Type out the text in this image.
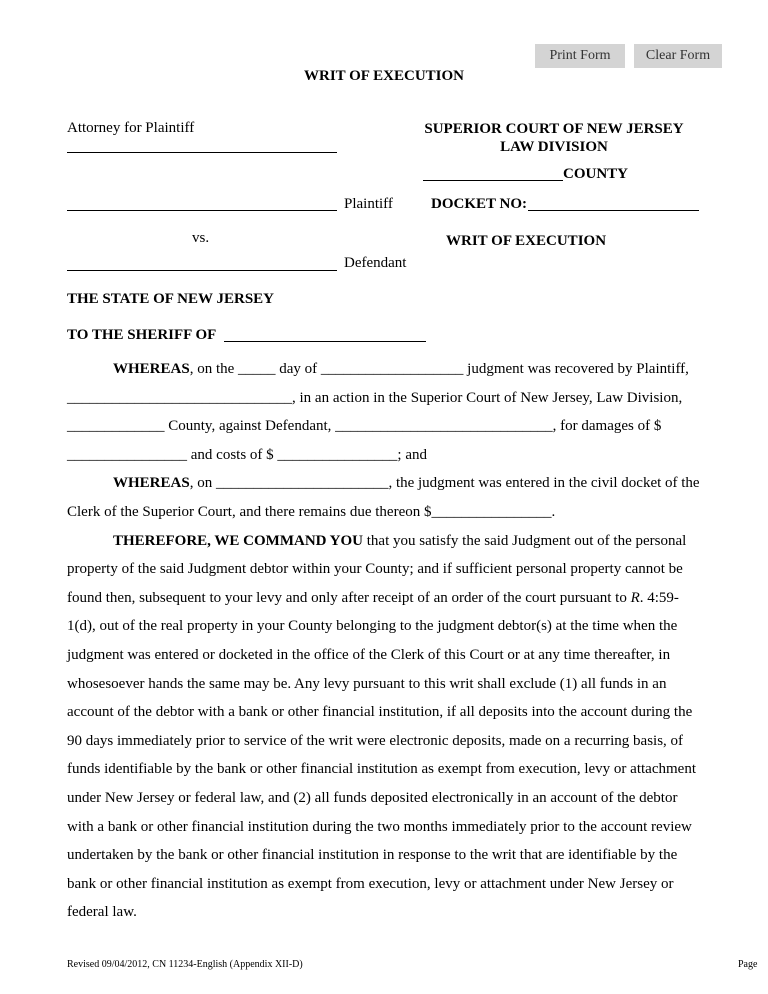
Print Form	Clear Form
WRIT OF EXECUTION
Attorney for Plaintiff
Plaintiff
vs.
Defendant
SUPERIOR COURT OF NEW JERSEY
LAW DIVISION
COUNTY
DOCKET NO:
WRIT OF EXECUTION
THE STATE OF NEW JERSEY
TO THE SHERIFF OF

WHEREAS, on the _____ day of ___________________ judgment was recovered by Plaintiff, ______________________________, in an action in the Superior Court of New Jersey, Law Division, _____________ County, against Defendant, _____________________________, for damages of $ ________________ and costs of $ ________________; and

WHEREAS, on _______________________, the judgment was entered in the civil docket of the Clerk of the Superior Court, and there remains due thereon $________________.

THEREFORE, WE COMMAND YOU that you satisfy the said Judgment out of the personal property of the said Judgment debtor within your County; and if sufficient personal property cannot be found then, subsequent to your levy and only after receipt of an order of the court pursuant to R. 4:59-1(d), out of the real property in your County belonging to the judgment debtor(s) at the time when the judgment was entered or docketed in the office of the Clerk of this Court or at any time thereafter, in whosesoever hands the same may be. Any levy pursuant to this writ shall exclude (1) all funds in an account of the debtor with a bank or other financial institution, if all deposits into the account during the 90 days immediately prior to service of the writ were electronic deposits, made on a recurring basis, of funds identifiable by the bank or other financial institution as exempt from execution, levy or attachment under New Jersey or federal law, and (2) all funds deposited electronically in an account of the debtor with a bank or other financial institution during the two months immediately prior to the account review undertaken by the bank or other financial institution in response to the writ that are identifiable by the bank or other financial institution as exempt from execution, levy or attachment under New Jersey or federal law.

Revised 09/04/2012, CN 11234-English (Appendix XII-D)	Page
